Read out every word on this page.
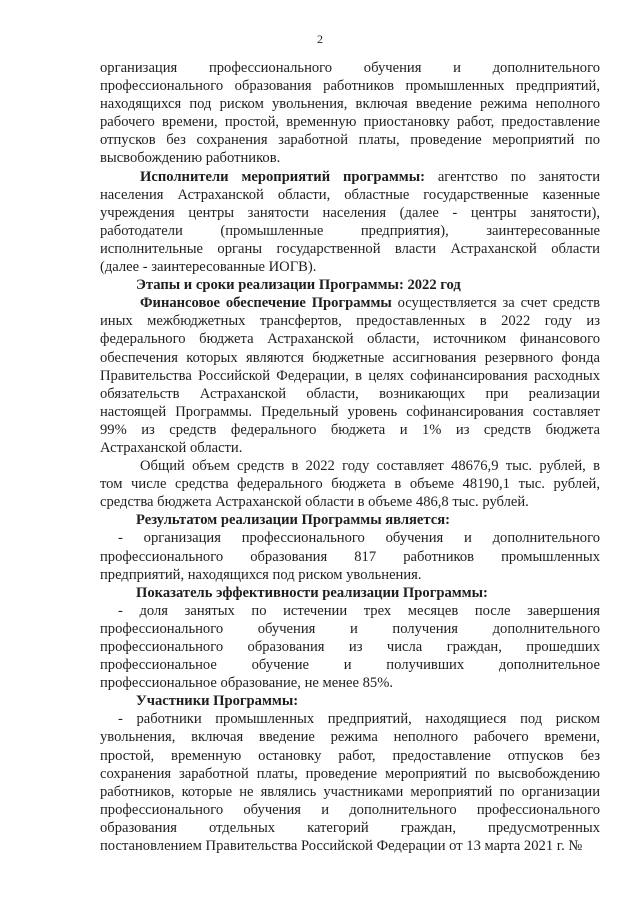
2

организация профессионального обучения и дополнительного

профессионального образования работников промышленных предприятий,

находящихся под риском увольнения, включая введение режима неполного

рабочего времени, простой, временную приостановку работ, предоставление

отпусков без сохранения заработной платы, проведение мероприятий по

высвобождению работников.

Исполнители мероприятий программы: агентство по занятости

населения Астраханской области, областные государственные казенные

учреждения центры занятости населения (далее - центры занятости),

работодатели (промышленные предприятия), заинтересованные

исполнительные органы государственной власти Астраханской области

(далее - заинтересованные ИОГВ).

Этапы и сроки реализации Программы: 2022 год

Финансовое обеспечение Программы осуществляется за счет средств

иных межбюджетных трансфертов, предоставленных в 2022 году из

федерального бюджета Астраханской области, источником финансового

обеспечения которых являются бюджетные ассигнования резервного фонда

Правительства Российской Федерации, в целях софинансирования расходных

обязательств Астраханской области, возникающих при реализации

настоящей Программы. Предельный уровень софинансирования составляет

99% из средств федерального бюджета и 1% из средств бюджета

Астраханской области.

Общий объем средств в 2022 году составляет 48676,9 тыс. рублей, в

том числе средства федерального бюджета в объеме 48190,1 тыс. рублей,

средства бюджета Астраханской области в объеме 486,8 тыс. рублей.

Результатом реализации Программы является:

- организация профессионального обучения и дополнительного

профессионального образования 817 работников промышленных

предприятий, находящихся под риском увольнения.

Показатель эффективности реализации Программы:

- доля занятых по истечении трех месяцев после завершения

профессионального обучения и получения дополнительного

профессионального образования из числа граждан, прошедших

профессиональное обучение и получивших дополнительное

профессиональное образование, не менее 85%.

Участники Программы:

- работники промышленных предприятий, находящиеся под риском

увольнения, включая введение режима неполного рабочего времени,

простой, временную остановку работ, предоставление отпусков без

сохранения заработной платы, проведение мероприятий по высвобождению

работников, которые не являлись участниками мероприятий по организации

профессионального обучения и дополнительного профессионального

образования отдельных категорий граждан, предусмотренных

постановлением Правительства Российской Федерации от 13 марта 2021 г. №
